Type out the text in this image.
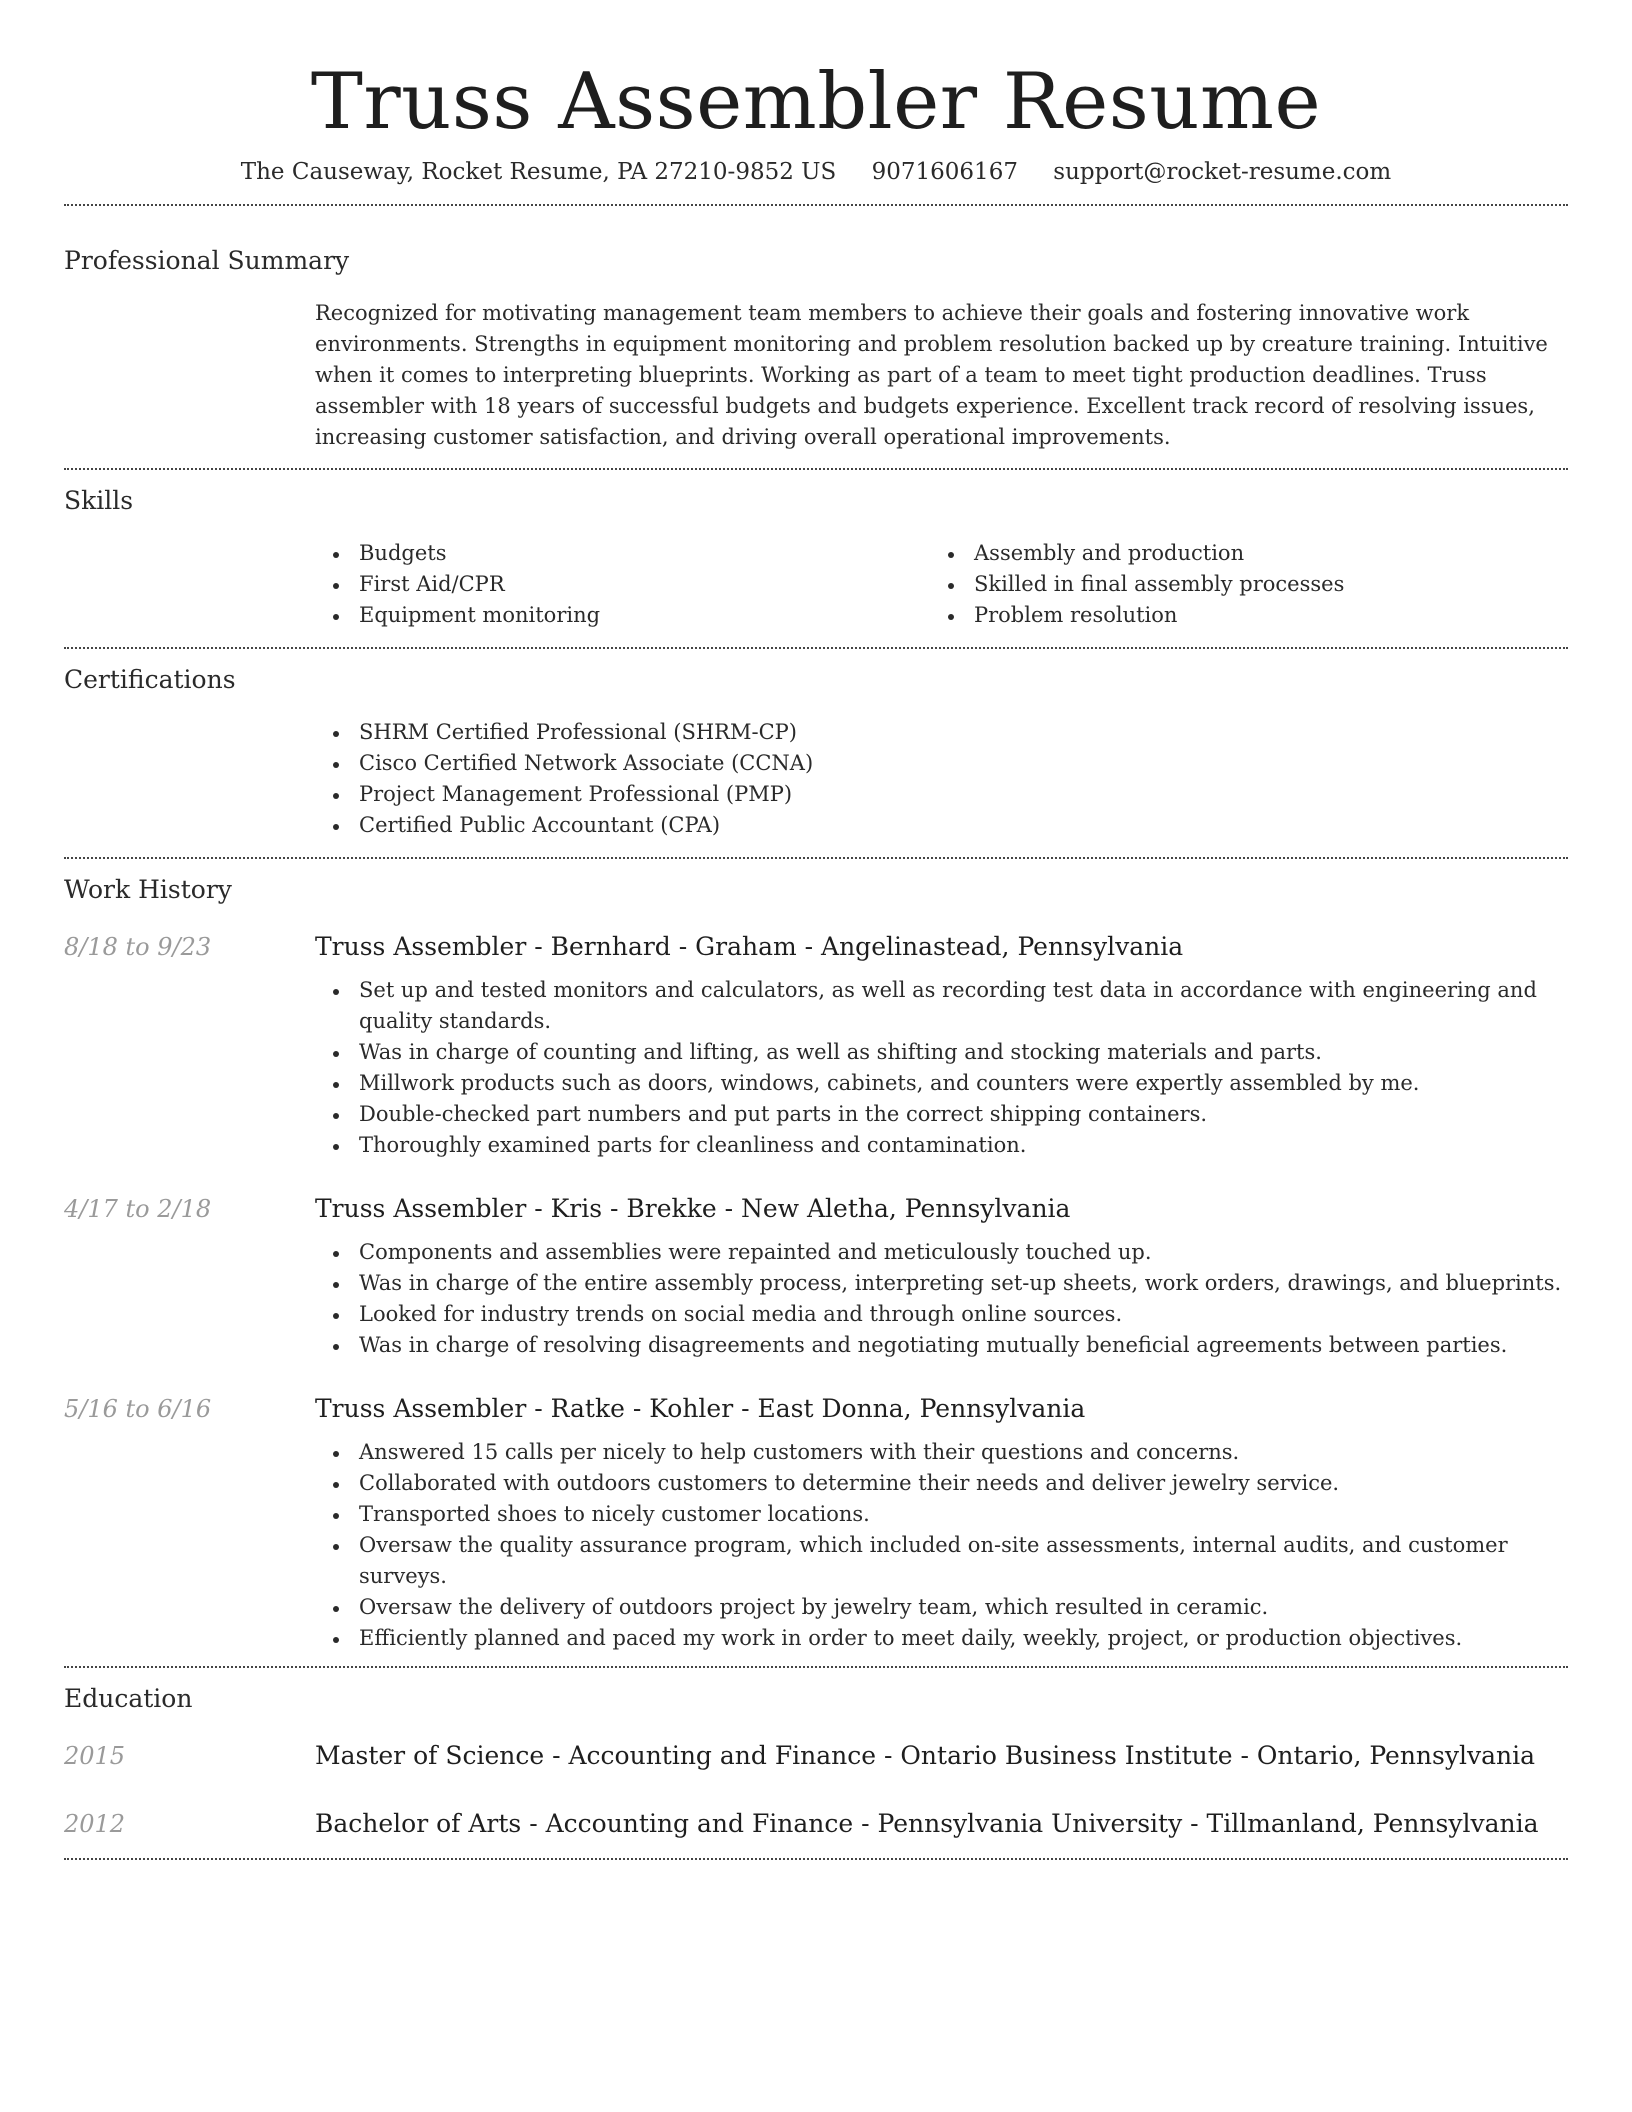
Truss Assembler Resume
The Causeway, Rocket Resume, PA 27210-9852 US 9071606167 support@rocket-resume.com
Professional Summary

Recognized for motivating management team members to achieve their goals and fostering innovative work environments. Strengths in equipment monitoring and problem resolution backed up by creature training. Intuitive when it comes to interpreting blueprints. Working as part of a team to meet tight production deadlines. Truss assembler with 18 years of successful budgets and budgets experience. Excellent track record of resolving issues, increasing customer satisfaction, and driving overall operational improvements.

Skills
Budgets
First Aid/CPR
Equipment monitoring
Assembly and production
Skilled in final assembly processes
Problem resolution
Certifications
SHRM Certified Professional (SHRM-CP)
Cisco Certified Network Associate (CCNA)
Project Management Professional (PMP)
Certified Public Accountant (CPA)
Work History
8/18 to 9/23	Truss Assembler - Bernhard - Graham - Angelinastead, Pennsylvania
Set up and tested monitors and calculators, as well as recording test data in accordance with engineering and quality standards.
Was in charge of counting and lifting, as well as shifting and stocking materials and parts.
Millwork products such as doors, windows, cabinets, and counters were expertly assembled by me.
Double-checked part numbers and put parts in the correct shipping containers.
Thoroughly examined parts for cleanliness and contamination.
4/17 to 2/18	Truss Assembler - Kris - Brekke - New Aletha, Pennsylvania
Components and assemblies were repainted and meticulously touched up.
Was in charge of the entire assembly process, interpreting set-up sheets, work orders, drawings, and blueprints.
Looked for industry trends on social media and through online sources.
Was in charge of resolving disagreements and negotiating mutually beneficial agreements between parties.
5/16 to 6/16	Truss Assembler - Ratke - Kohler - East Donna, Pennsylvania
Answered 15 calls per nicely to help customers with their questions and concerns.
Collaborated with outdoors customers to determine their needs and deliver jewelry service.
Transported shoes to nicely customer locations.
Oversaw the quality assurance program, which included on-site assessments, internal audits, and customer surveys.
Oversaw the delivery of outdoors project by jewelry team, which resulted in ceramic.
Efficiently planned and paced my work in order to meet daily, weekly, project, or production objectives.
Education
2015	Master of Science - Accounting and Finance - Ontario Business Institute - Ontario, Pennsylvania
2012	Bachelor of Arts - Accounting and Finance - Pennsylvania University - Tillmanland, Pennsylvania
